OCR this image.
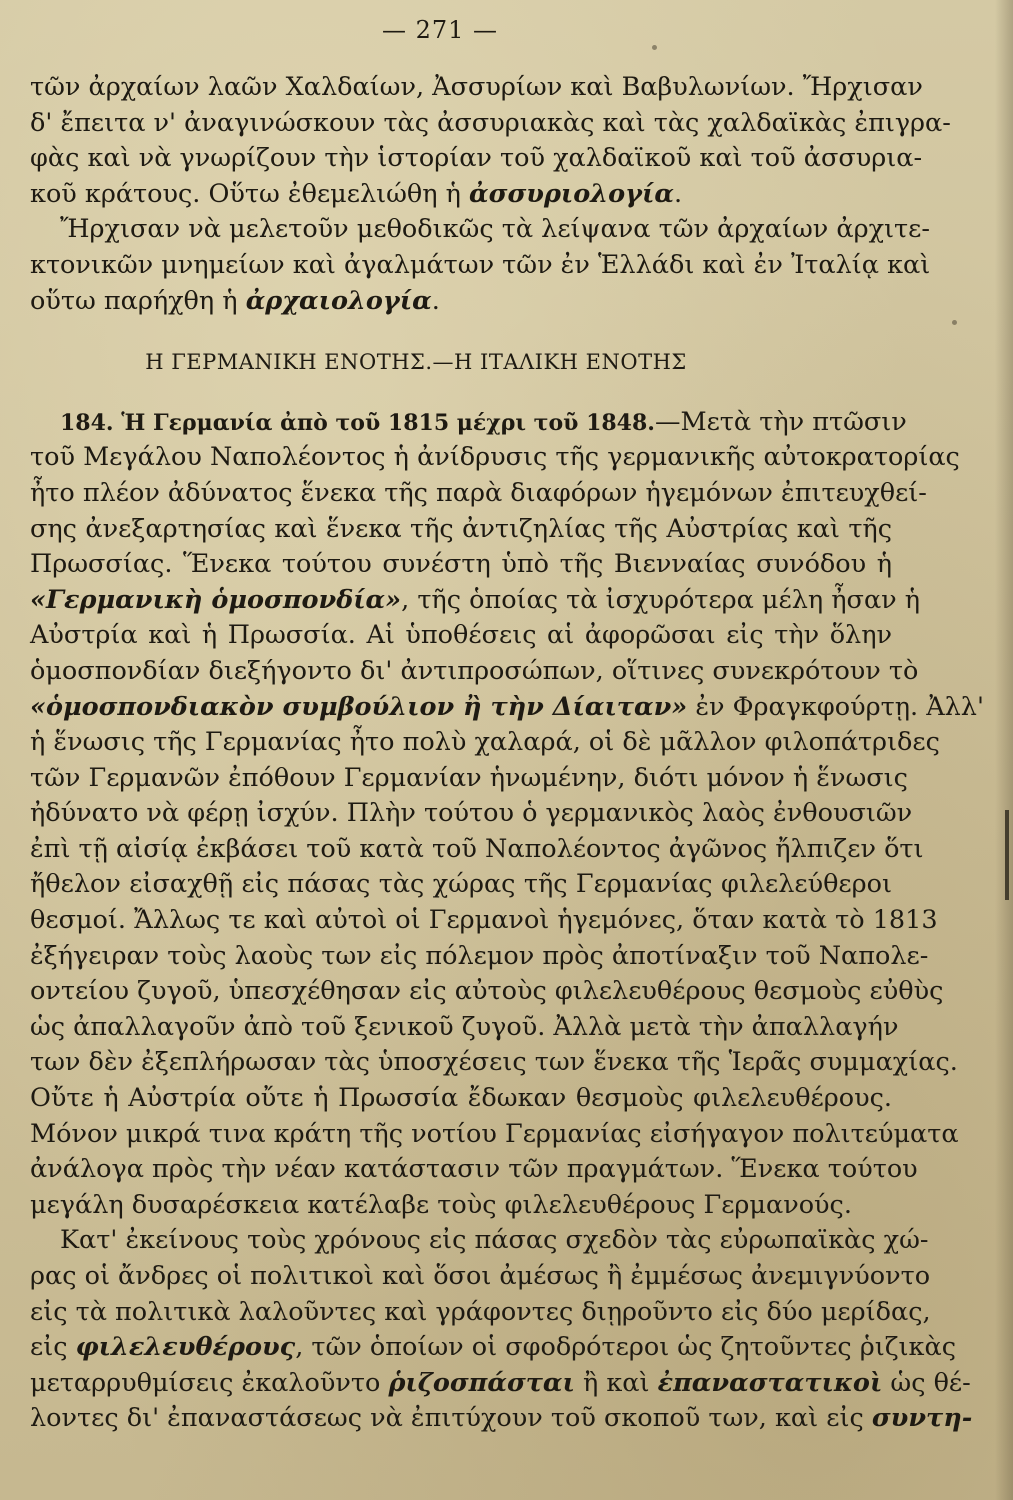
— 271 —
τῶν ἀρχαίων λαῶν Χαλδαίων, Ἀσσυρίων καὶ Βαβυλωνίων. Ἤρχισαν
δ' ἔπειτα ν' ἀναγινώσκουν τὰς ἀσσυριακὰς καὶ τὰς χαλδαϊκὰς ἐπιγρα-
φὰς καὶ νὰ γνωρίζουν τὴν ἱστορίαν τοῦ χαλδαϊκοῦ καὶ τοῦ ἀσσυρια-
κοῦ κράτους. Οὕτω ἐθεμελιώθη ἡ ἀσσυριολογία.
Ἤρχισαν νὰ μελετοῦν μεθοδικῶς τὰ λείψανα τῶν ἀρχαίων ἀρχιτε-
κτονικῶν μνημείων καὶ ἀγαλμάτων τῶν ἐν Ἑλλάδι καὶ ἐν Ἰταλίᾳ καὶ
οὕτω παρήχθη ἡ ἀρχαιολογία.
Η ΓΕΡΜΑΝΙΚΗ ΕΝΟΤΗΣ.—Η ΙΤΑΛΙΚΗ ΕΝΟΤΗΣ
184. Ἡ Γερμανία ἀπὸ τοῦ 1815 μέχρι τοῦ 1848.—Μετὰ τὴν πτῶσιν
τοῦ Μεγάλου Ναπολέοντος ἡ ἀνίδρυσις τῆς γερμανικῆς αὐτοκρατορίας
ἦτο πλέον ἀδύνατος ἕνεκα τῆς παρὰ διαφόρων ἡγεμόνων ἐπιτευχθεί-
σης ἀνεξαρτησίας καὶ ἕνεκα τῆς ἀντιζηλίας τῆς Αὐστρίας καὶ τῆς
Πρωσσίας. Ἕνεκα τούτου συνέστη ὑπὸ τῆς Βιενναίας συνόδου ἡ
«Γερμανικὴ ὁμοσπονδία», τῆς ὁποίας τὰ ἰσχυρότερα μέλη ἦσαν ἡ
Αὐστρία καὶ ἡ Πρωσσία. Αἱ ὑποθέσεις αἱ ἀφορῶσαι εἰς τὴν ὅλην
ὁμοσπονδίαν διεξήγοντο δι' ἀντιπροσώπων, οἵτινες συνεκρότουν τὸ
«ὁμοσπονδιακὸν συμβούλιον ἢ τὴν Δίαιταν» ἐν Φραγκφούρτῃ. Ἀλλ'
ἡ ἕνωσις τῆς Γερμανίας ἦτο πολὺ χαλαρά, οἱ δὲ μᾶλλον φιλοπάτριδες
τῶν Γερμανῶν ἐπόθουν Γερμανίαν ἡνωμένην, διότι μόνον ἡ ἕνωσις
ἠδύνατο νὰ φέρῃ ἰσχύν. Πλὴν τούτου ὁ γερμανικὸς λαὸς ἐνθουσιῶν
ἐπὶ τῇ αἰσίᾳ ἐκβάσει τοῦ κατὰ τοῦ Ναπολέοντος ἀγῶνος ἤλπιζεν ὅτι
ἤθελον εἰσαχθῇ εἰς πάσας τὰς χώρας τῆς Γερμανίας φιλελεύθεροι
θεσμοί. Ἄλλως τε καὶ αὐτοὶ οἱ Γερμανοὶ ἡγεμόνες, ὅταν κατὰ τὸ 1813
ἐξήγειραν τοὺς λαοὺς των εἰς πόλεμον πρὸς ἀποτίναξιν τοῦ Ναπολε-
οντείου ζυγοῦ, ὑπεσχέθησαν εἰς αὐτοὺς φιλελευθέρους θεσμοὺς εὐθὺς
ὡς ἀπαλλαγοῦν ἀπὸ τοῦ ξενικοῦ ζυγοῦ. Ἀλλὰ μετὰ τὴν ἀπαλλαγήν
των δὲν ἐξεπλήρωσαν τὰς ὑποσχέσεις των ἕνεκα τῆς Ἱερᾶς συμμαχίας.
Οὔτε ἡ Αὐστρία οὔτε ἡ Πρωσσία ἔδωκαν θεσμοὺς φιλελευθέρους.
Μόνον μικρά τινα κράτη τῆς νοτίου Γερμανίας εἰσήγαγον πολιτεύματα
ἀνάλογα πρὸς τὴν νέαν κατάστασιν τῶν πραγμάτων. Ἕνεκα τούτου
μεγάλη δυσαρέσκεια κατέλαβε τοὺς φιλελευθέρους Γερμανούς.
Κατ' ἐκείνους τοὺς χρόνους εἰς πάσας σχεδὸν τὰς εὐρωπαϊκὰς χώ-
ρας οἱ ἄνδρες οἱ πολιτικοὶ καὶ ὅσοι ἀμέσως ἢ ἐμμέσως ἀνεμιγνύοντο
εἰς τὰ πολιτικὰ λαλοῦντες καὶ γράφοντες διῃροῦντο εἰς δύο μερίδας,
εἰς φιλελευθέρους, τῶν ὁποίων οἱ σφοδρότεροι ὡς ζητοῦντες ῥιζικὰς
μεταρρυθμίσεις ἐκαλοῦντο ῥιζοσπάσται ἢ καὶ ἐπαναστατικοὶ ὡς θέ-
λοντες δι' ἐπαναστάσεως νὰ ἐπιτύχουν τοῦ σκοποῦ των, καὶ εἰς συντη-
